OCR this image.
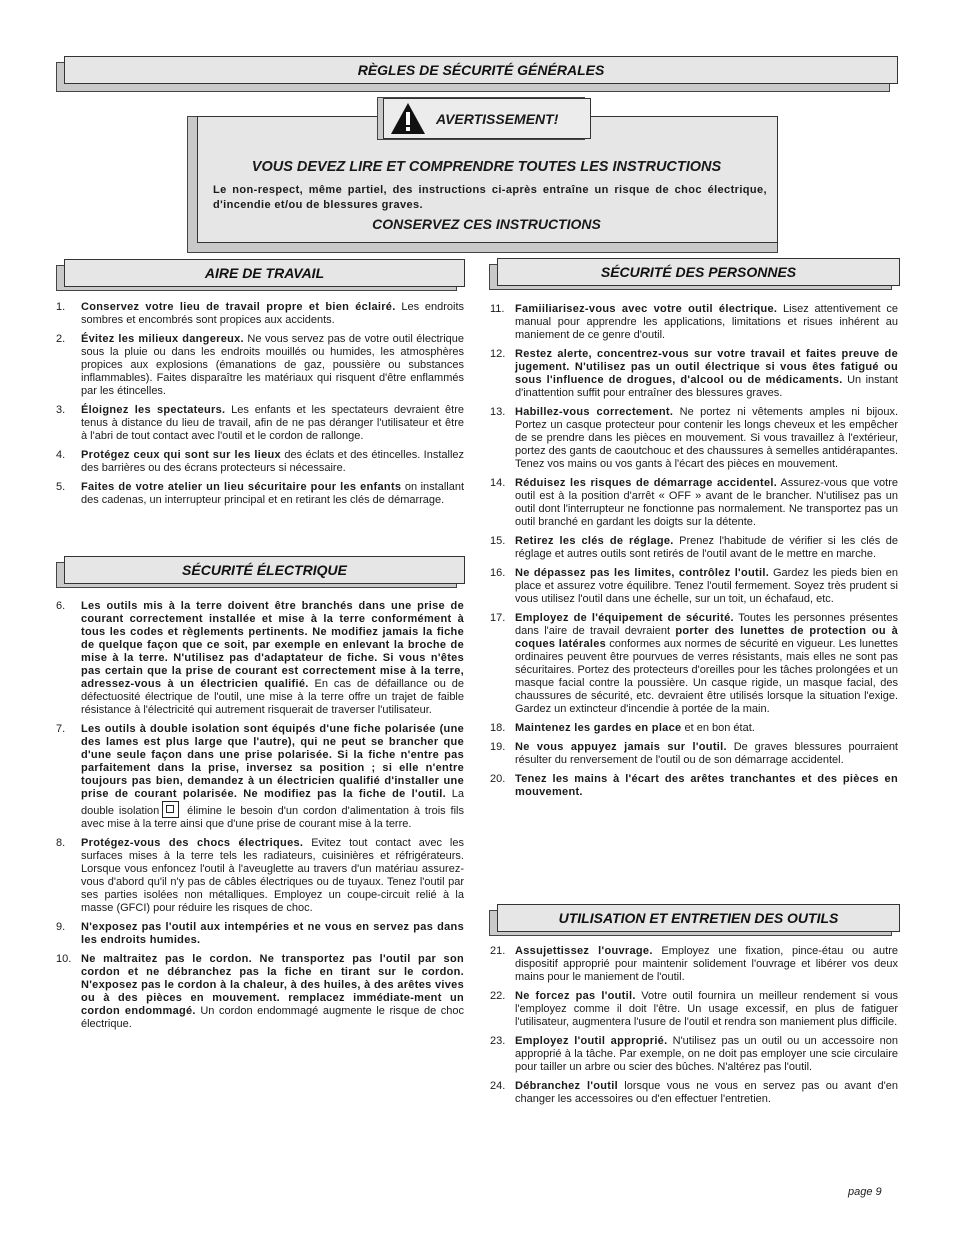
RÈGLES DE SÉCURITÉ GÉNÉRALES
AVERTISSEMENT!
VOUS DEVEZ LIRE ET COMPRENDRE TOUTES LES INSTRUCTIONS
Le non-respect, même partiel, des instructions ci-après entraîne un risque de choc électrique, d'incendie et/ou de blessures graves.
CONSERVEZ CES INSTRUCTIONS
AIRE DE TRAVAIL
SÉCURITÉ ÉLECTRIQUE
SÉCURITÉ DES PERSONNES
UTILISATION ET ENTRETIEN DES OUTILS
1. Conservez votre lieu de travail propre et bien éclairé. Les endroits sombres et encombrés sont propices aux accidents.
2. Évitez les milieux dangereux. Ne vous servez pas de votre outil électrique sous la pluie ou dans les endroits mouillés ou humides, les atmosphères propices aux explosions (émanations de gaz, poussière ou substances inflammables). Faites disparaître les matériaux qui risquent d'être enflammés par les étincelles.
3. Éloignez les spectateurs. Les enfants et les spectateurs devraient être tenus à distance du lieu de travail, afin de ne pas déranger l'utilisateur et être à l'abri de tout contact avec l'outil et le cordon de rallonge.
4. Protégez ceux qui sont sur les lieux des éclats et des étincelles. Installez des barrières ou des écrans protecteurs si nécessaire.
5. Faites de votre atelier un lieu sécuritaire pour les enfants on installant des cadenas, un interrupteur principal et en retirant les clés de démarrage.
6. Les outils mis à la terre doivent être branchés dans une prise de courant correctement installée et mise à la terre conformément à tous les codes et règlements pertinents. Ne modifiez jamais la fiche de quelque façon que ce soit, par exemple en enlevant la broche de mise à la terre. N'utilisez pas d'adaptateur de fiche. Si vous n'êtes pas certain que la prise de courant est correctement mise à la terre, adressez-vous à un électricien qualifié. En cas de défaillance ou de défectuosité électrique de l'outil, une mise à la terre offre un trajet de faible résistance à l'électricité qui autrement risquerait de traverser l'utilisateur.
7. Les outils à double isolation sont équipés d'une fiche polarisée (une des lames est plus large que l'autre), qui ne peut se brancher que d'une seule façon dans une prise polarisée. Si la fiche n'entre pas parfaitement dans la prise, inversez sa position ; si elle n'entre toujours pas bien, demandez à un électricien qualifié d'installer une prise de courant polarisée. Ne modifiez pas la fiche de l'outil. La double isolation élimine le besoin d'un cordon d'alimentation à trois fils avec mise à la terre ainsi que d'une prise de courant mise à la terre.
8. Protégez-vous des chocs électriques. Evitez tout contact avec les surfaces mises à la terre tels les radiateurs, cuisinières et réfrigérateurs. Lorsque vous enfoncez l'outil à l'aveuglette au travers d'un matériau assurez-vous d'abord qu'il n'y pas de câbles électriques ou de tuyaux. Tenez l'outil par ses parties isolées non métalliques. Employez un coupe-circuit relié à la masse (GFCI) pour réduire les risques de choc.
9. N'exposez pas l'outil aux intempéries et ne vous en servez pas dans les endroits humides.
10. Ne maltraitez pas le cordon. Ne transportez pas l'outil par son cordon et ne débranchez pas la fiche en tirant sur le cordon. N'exposez pas le cordon à la chaleur, à des huiles, à des arêtes vives ou à des pièces en mouvement. remplacez immédiate-ment un cordon endommagé. Un cordon endommagé augmente le risque de choc électrique.
11. Famiiliarisez-vous avec votre outil électrique. Lisez attentivement ce manual pour apprendre les applications, limitations et risues inhérent au maniement de ce genre d'outil.
12. Restez alerte, concentrez-vous sur votre travail et faites preuve de jugement. N'utilisez pas un outil électrique si vous êtes fatigué ou sous l'influence de drogues, d'alcool ou de médicaments. Un instant d'inattention suffit pour entraîner des blessures graves.
13. Habillez-vous correctement. Ne portez ni vêtements amples ni bijoux. Portez un casque protecteur pour contenir les longs cheveux et les empêcher de se prendre dans les pièces en mouvement. Si vous travaillez à l'extérieur, portez des gants de caoutchouc et des chaussures à semelles antidérapantes. Tenez vos mains ou vos gants à l'écart des pièces en mouvement.
14. Réduisez les risques de démarrage accidentel. Assurez-vous que votre outil est à la position d'arrêt « OFF » avant de le brancher. N'utilisez pas un outil dont l'interrupteur ne fonctionne pas normalement. Ne transportez pas un outil branché en gardant les doigts sur la détente.
15. Retirez les clés de réglage. Prenez l'habitude de vérifier si les clés de réglage et autres outils sont retirés de l'outil avant de le mettre en marche.
16. Ne dépassez pas les limites, contrôlez l'outil. Gardez les pieds bien en place et assurez votre équilibre. Tenez l'outil fermement. Soyez très prudent si vous utilisez l'outil dans une échelle, sur un toit, un échafaud, etc.
17. Employez de l'équipement de sécurité. Toutes les personnes présentes dans l'aire de travail devraient porter des lunettes de protection ou à coques latérales conformes aux normes de sécurité en vigueur. Les lunettes ordinaires peuvent être pourvues de verres résistants, mais elles ne sont pas sécuritaires. Portez des protecteurs d'oreilles pour les tâches prolongées et un masque facial contre la poussière. Un casque rigide, un masque facial, des chaussures de sécurité, etc. devraient être utilisés lorsque la situation l'exige. Gardez un extincteur d'incendie à portée de la main.
18. Maintenez les gardes en place et en bon état.
19. Ne vous appuyez jamais sur l'outil. De graves blessures pourraient résulter du renversement de l'outil ou de son démarrage accidentel.
20. Tenez les mains à l'écart des arêtes tranchantes et des pièces en mouvement.
21. Assujettissez l'ouvrage. Employez une fixation, pince-étau ou autre dispositif approprié pour maintenir solidement l'ouvrage et libérer vos deux mains pour le maniement de l'outil.
22. Ne forcez pas l'outil. Votre outil fournira un meilleur rendement si vous l'employez comme il doit l'être. Un usage excessif, en plus de fatiguer l'utilisateur, augmentera l'usure de l'outil et rendra son maniement plus difficile.
23. Employez l'outil approprié. N'utilisez pas un outil ou un accessoire non approprié à la tâche. Par exemple, on ne doit pas employer une scie circulaire pour tailler un arbre ou scier des bûches. N'altérez pas l'outil.
24. Débranchez l'outil lorsque vous ne vous en servez pas ou avant d'en changer les accessoires ou d'en effectuer l'entretien.
page 9
